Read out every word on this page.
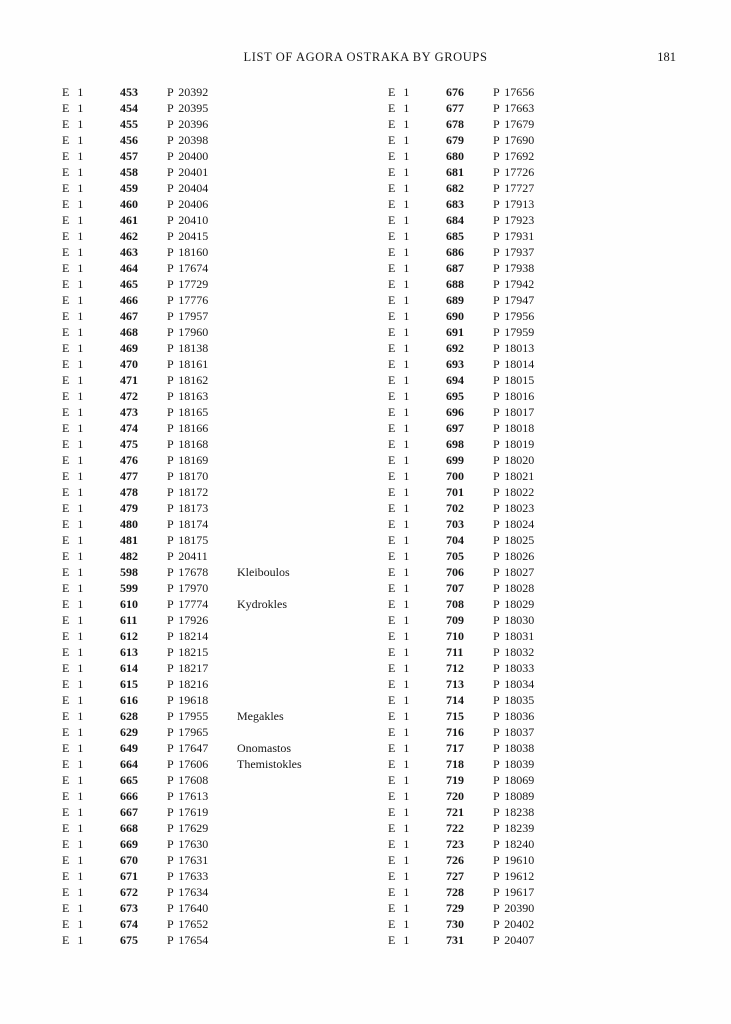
LIST OF AGORA OSTRAKA BY GROUPS	181
E 1	453	P 20392
E 1	454	P 20395
E 1	455	P 20396
E 1	456	P 20398
E 1	457	P 20400
E 1	458	P 20401
E 1	459	P 20404
E 1	460	P 20406
E 1	461	P 20410
E 1	462	P 20415
E 1	463	P 18160
E 1	464	P 17674
E 1	465	P 17729
E 1	466	P 17776
E 1	467	P 17957
E 1	468	P 17960
E 1	469	P 18138
E 1	470	P 18161
E 1	471	P 18162
E 1	472	P 18163
E 1	473	P 18165
E 1	474	P 18166
E 1	475	P 18168
E 1	476	P 18169
E 1	477	P 18170
E 1	478	P 18172
E 1	479	P 18173
E 1	480	P 18174
E 1	481	P 18175
E 1	482	P 20411
E 1	598	P 17678	Kleiboulos
E 1	599	P 17970
E 1	610	P 17774	Kydrokles
E 1	611	P 17926
E 1	612	P 18214
E 1	613	P 18215
E 1	614	P 18217
E 1	615	P 18216
E 1	616	P 19618
E 1	628	P 17955	Megakles
E 1	629	P 17965
E 1	649	P 17647	Onomastos
E 1	664	P 17606	Themistokles
E 1	665	P 17608
E 1	666	P 17613
E 1	667	P 17619
E 1	668	P 17629
E 1	669	P 17630
E 1	670	P 17631
E 1	671	P 17633
E 1	672	P 17634
E 1	673	P 17640
E 1	674	P 17652
E 1	675	P 17654
E 1	676	P 17656
E 1	677	P 17663
E 1	678	P 17679
E 1	679	P 17690
E 1	680	P 17692
E 1	681	P 17726
E 1	682	P 17727
E 1	683	P 17913
E 1	684	P 17923
E 1	685	P 17931
E 1	686	P 17937
E 1	687	P 17938
E 1	688	P 17942
E 1	689	P 17947
E 1	690	P 17956
E 1	691	P 17959
E 1	692	P 18013
E 1	693	P 18014
E 1	694	P 18015
E 1	695	P 18016
E 1	696	P 18017
E 1	697	P 18018
E 1	698	P 18019
E 1	699	P 18020
E 1	700	P 18021
E 1	701	P 18022
E 1	702	P 18023
E 1	703	P 18024
E 1	704	P 18025
E 1	705	P 18026
E 1	706	P 18027
E 1	707	P 18028
E 1	708	P 18029
E 1	709	P 18030
E 1	710	P 18031
E 1	711	P 18032
E 1	712	P 18033
E 1	713	P 18034
E 1	714	P 18035
E 1	715	P 18036
E 1	716	P 18037
E 1	717	P 18038
E 1	718	P 18039
E 1	719	P 18069
E 1	720	P 18089
E 1	721	P 18238
E 1	722	P 18239
E 1	723	P 18240
E 1	726	P 19610
E 1	727	P 19612
E 1	728	P 19617
E 1	729	P 20390
E 1	730	P 20402
E 1	731	P 20407
